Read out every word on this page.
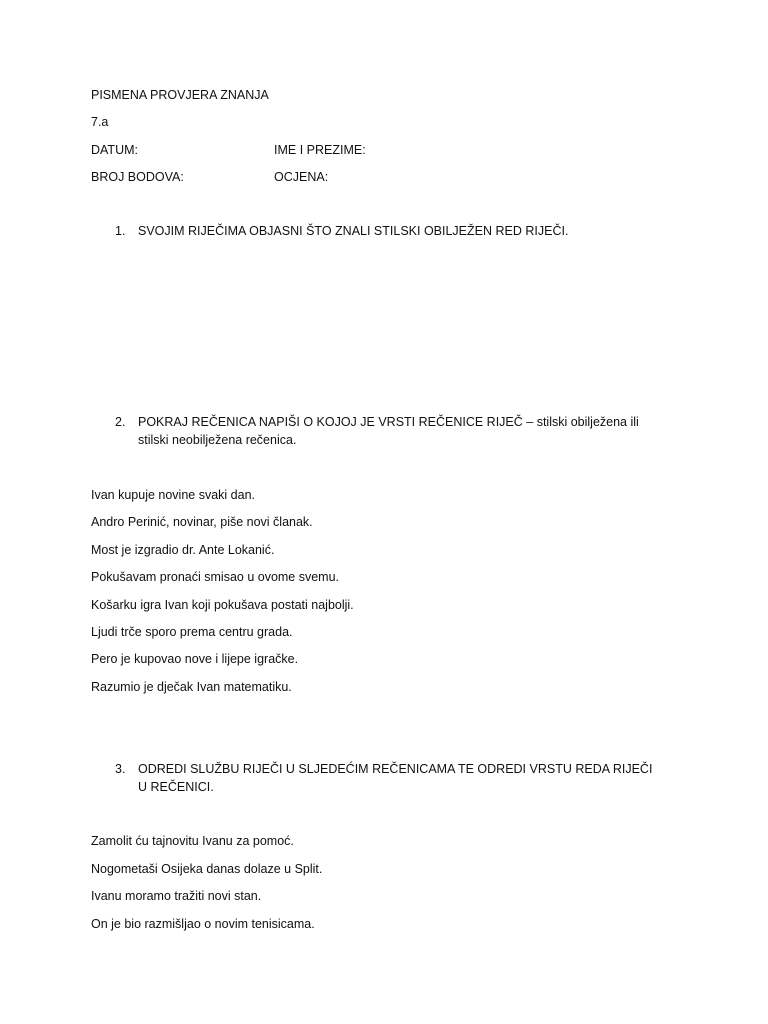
PISMENA PROVJERA ZNANJA
7.a
DATUM:	IME I PREZIME:
BROJ BODOVA:	OCJENA:
1. SVOJIM RIJEČIMA OBJASNI ŠTO ZNALI STILSKI OBILJEŽEN RED RIJEČI.
2. POKRAJ REČENICA NAPIŠI O KOJOJ JE VRSTI REČENICE RIJEČ – stilski obilježena ili stilski neobilježena rečenica.
Ivan kupuje novine svaki dan.
Andro Perinić, novinar, piše novi članak.
Most je izgradio dr. Ante Lokanić.
Pokušavam pronaći smisao u ovome svemu.
Košarku igra Ivan koji pokušava postati najbolji.
Ljudi trče sporo prema centru grada.
Pero je kupovao nove i lijepe igračke.
Razumio je dječak Ivan matematiku.
3. ODREDI SLUŽBU RIJEČI U SLJEDEĆIM REČENICAMA TE ODREDI VRSTU REDA RIJEČI U REČENICI.
Zamolit ću tajnovitu Ivanu za pomoć.
Nogometaši Osijeka danas dolaze u Split.
Ivanu moramo tražiti novi stan.
On je bio razmišljao o novim tenisicama.
